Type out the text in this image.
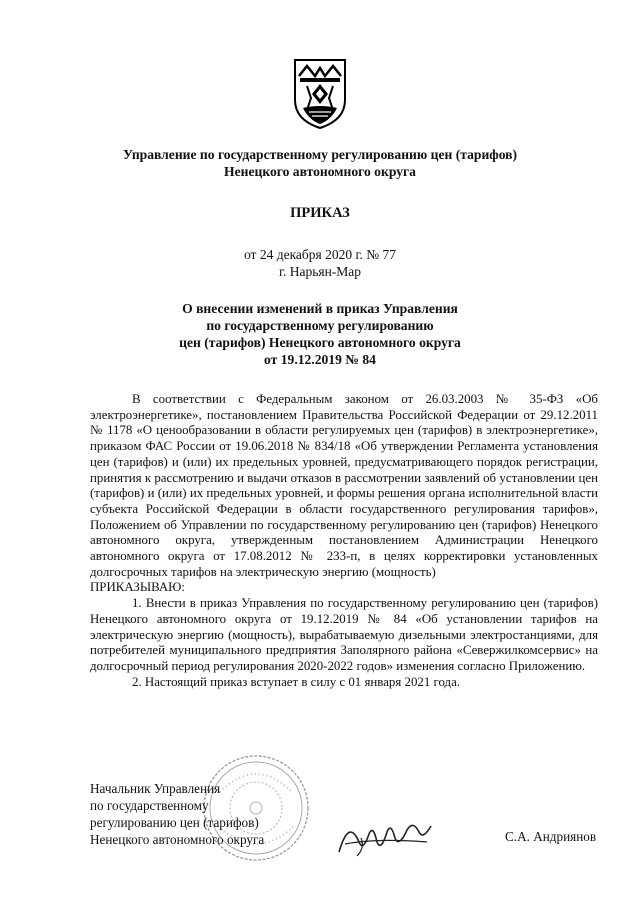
Управление по государственному регулированию цен (тарифов)
Ненецкого автономного округа
ПРИКАЗ
от 24 декабря 2020 г. № 77
г. Нарьян-Мар
О внесении изменений в приказ Управления
по государственному регулированию
цен (тарифов) Ненецкого автономного округа
от 19.12.2019 № 84

В соответствии с Федеральным законом от 26.03.2003 № 35-ФЗ «Об электроэнергетике», постановлением Правительства Российской Федерации от 29.12.2011 № 1178 «О ценообразовании в области регулируемых цен (тарифов) в электроэнергетике», приказом ФАС России от 19.06.2018 № 834/18 «Об утверждении Регламента установления цен (тарифов) и (или) их предельных уровней, предусматривающего порядок регистрации, принятия к рассмотрению и выдачи отказов в рассмотрении заявлений об установлении цен (тарифов) и (или) их предельных уровней, и формы решения органа исполнительной власти субъекта Российской Федерации в области государственного регулирования тарифов», Положением об Управлении по государственному регулированию цен (тарифов) Ненецкого автономного округа, утвержденным постановлением Администрации Ненецкого автономного округа от 17.08.2012 № 233-п, в целях корректировки установленных долгосрочных тарифов на электрическую энергию (мощность)

ПРИКАЗЫВАЮ:

1. Внести в приказ Управления по государственному регулированию цен (тарифов) Ненецкого автономного округа от 19.12.2019 № 84 «Об установлении тарифов на электрическую энергию (мощность), вырабатываемую дизельными электростанциями, для потребителей муниципального предприятия Заполярного района «Севержилкомсервис» на долгосрочный период регулирования 2020-2022 годов» изменения согласно Приложению.

2. Настоящий приказ вступает в силу с 01 января 2021 года.

Начальник Управления
по государственному
регулированию цен (тарифов)
Ненецкого автономного округа	С.А. Андриянов
